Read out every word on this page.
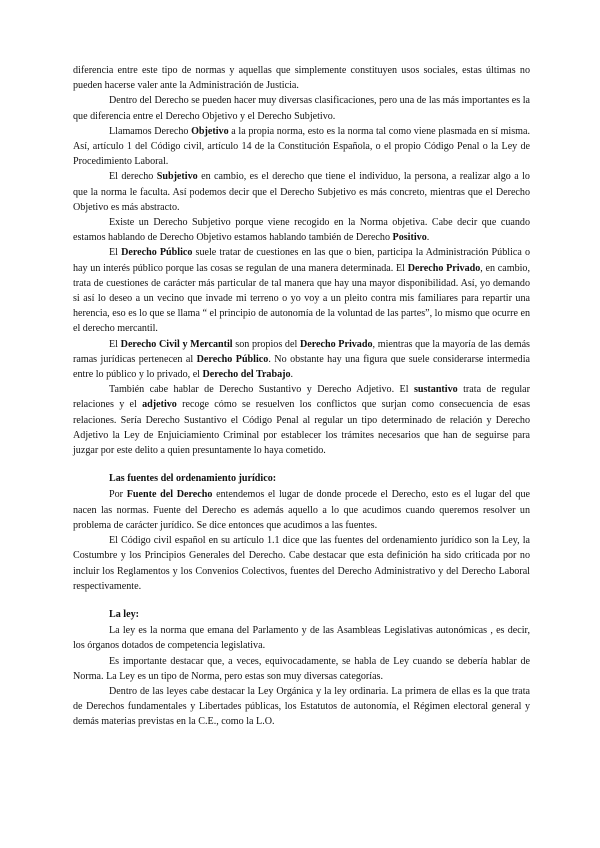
diferencia entre este tipo de normas y aquellas que simplemente constituyen usos sociales, estas últimas no pueden hacerse valer ante la Administración de Justicia.

Dentro del Derecho se pueden hacer muy diversas clasificaciones, pero una de las más importantes es la que diferencia entre el Derecho Objetivo y el Derecho Subjetivo.

Llamamos Derecho Objetivo a la propia norma, esto es la norma tal como viene plasmada en sí misma. Así, artículo 1 del Código civil, artículo 14 de la Constitución Española, o el propio Código Penal o la Ley de Procedimiento Laboral.

El derecho Subjetivo en cambio, es el derecho que tiene el individuo, la persona, a realizar algo a lo que la norma le faculta. Así podemos decir que el Derecho Subjetivo es más concreto, mientras que el Derecho Objetivo es más abstracto.

Existe un Derecho Subjetivo porque viene recogido en la Norma objetiva. Cabe decir que cuando estamos hablando de Derecho Objetivo estamos hablando también de Derecho Positivo.

El Derecho Público suele tratar de cuestiones en las que o bien, participa la Administración Pública o hay un interés público porque las cosas se regulan de una manera determinada. El Derecho Privado, en cambio, trata de cuestiones de carácter más particular de tal manera que hay una mayor disponibilidad. Así, yo demando si así lo deseo a un vecino que invade mi terreno o yo voy a un pleito contra mis familiares para repartir una herencia, eso es lo que se llama “ el principio de autonomía de la voluntad de las partes”, lo mismo que ocurre en el derecho mercantil.

El Derecho Civil y Mercantil son propios del Derecho Privado, mientras que la mayoría de las demás ramas jurídicas pertenecen al Derecho Público. No obstante hay una figura que suele considerarse intermedia entre lo público y lo privado, el Derecho del Trabajo.

También cabe hablar de Derecho Sustantivo y Derecho Adjetivo. El sustantivo trata de regular relaciones y el adjetivo recoge cómo se resuelven los conflictos que surjan como consecuencia de esas relaciones. Sería Derecho Sustantivo el Código Penal al regular un tipo determinado de relación y Derecho Adjetivo la Ley de Enjuiciamiento Criminal por establecer los trámites necesarios que han de seguirse para juzgar por este delito a quien presuntamente lo haya cometido.

Las fuentes del ordenamiento jurídico:

Por Fuente del Derecho entendemos el lugar de donde procede el Derecho, esto es el lugar del que nacen las normas. Fuente del Derecho es además aquello a lo que acudimos cuando queremos resolver un problema de carácter jurídico. Se dice entonces que acudimos a las fuentes.

El Código civil español en su artículo 1.1 dice que las fuentes del ordenamiento jurídico son la Ley, la Costumbre y los Principios Generales del Derecho. Cabe destacar que esta definición ha sido criticada por no incluir los Reglamentos y los Convenios Colectivos, fuentes del Derecho Administrativo y del Derecho Laboral respectivamente.

La ley:

La ley es la norma que emana del Parlamento y de las Asambleas Legislativas autonómicas , es decir, los órganos dotados de competencia legislativa.

Es importante destacar que, a veces, equivocadamente, se habla de Ley cuando se debería hablar de Norma. La Ley es un tipo de Norma, pero estas son muy diversas categorías.

Dentro de las leyes cabe destacar la Ley Orgánica y la ley ordinaria. La primera de ellas es la que trata de Derechos fundamentales y Libertades públicas, los Estatutos de autonomía, el Régimen electoral general y demás materias previstas en la C.E., como la L.O.
